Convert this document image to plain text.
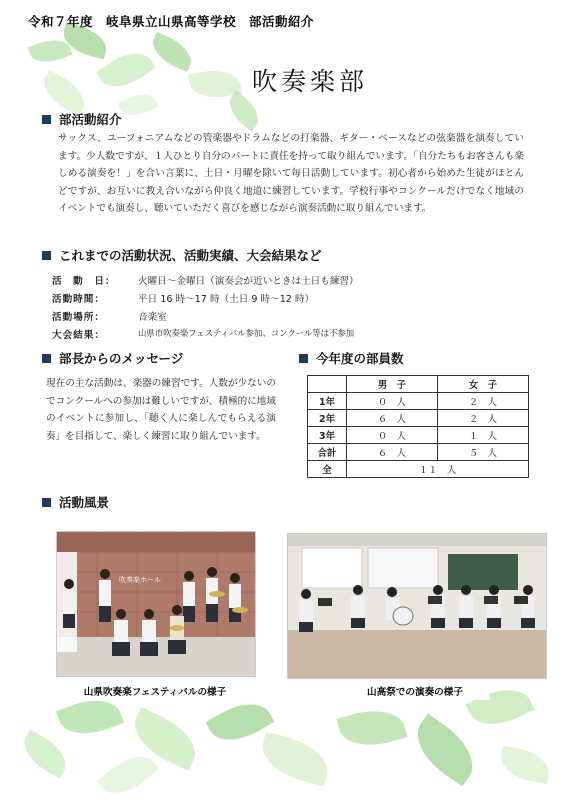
令和７年度　岐阜県立山県高等学校　部活動紹介
吹奏楽部
部活動紹介
サックス、ユーフォニアムなどの管楽器やドラムなどの打楽器、ギター・ベースなどの弦楽器を演奏しています。少人数ですが、１人ひとり自分のパートに責任を持って取り組んでいます。「自分たちもお客さんも楽しめる演奏を！」を合い言葉に、土日・月曜を除いて毎日活動しています。初心者から始めた生徒がほとんどですが、お互いに教え合いながら仲良く地道に練習しています。学校行事やコンクールだけでなく地域のイベントでも演奏し、聴いていただく喜びを感じながら演奏活動に取り組んでいます。
これまでの活動状況、活動実績、大会結果など
活　動　日：	火曜日～金曜日（演奏会が近いときは土日も練習）
活動時間：	平日 16 時～17 時（土日 9 時～12 時）
活動場所：	音楽室
大会結果：	山県市吹奏楽フェスティバル参加、コンクール等は不参加
部長からのメッセージ
現在の主な活動は、楽器の練習です。人数が少ないのでコンクールへの参加は難しいですが、積極的に地域のイベントに参加し、「聴く人に楽しんでもらえる演奏」を目指して、楽しく練習に取り組んでいます。
今年度の部員数
	男　子	女　子
1年	０　人	２　人
2年	６　人	２　人
3年	０　人	１　人
合計	６　人	５　人
全	１１　人	
活動風景
吹奏楽ホール
山県吹奏楽フェスティバルの様子	山高祭での演奏の様子
